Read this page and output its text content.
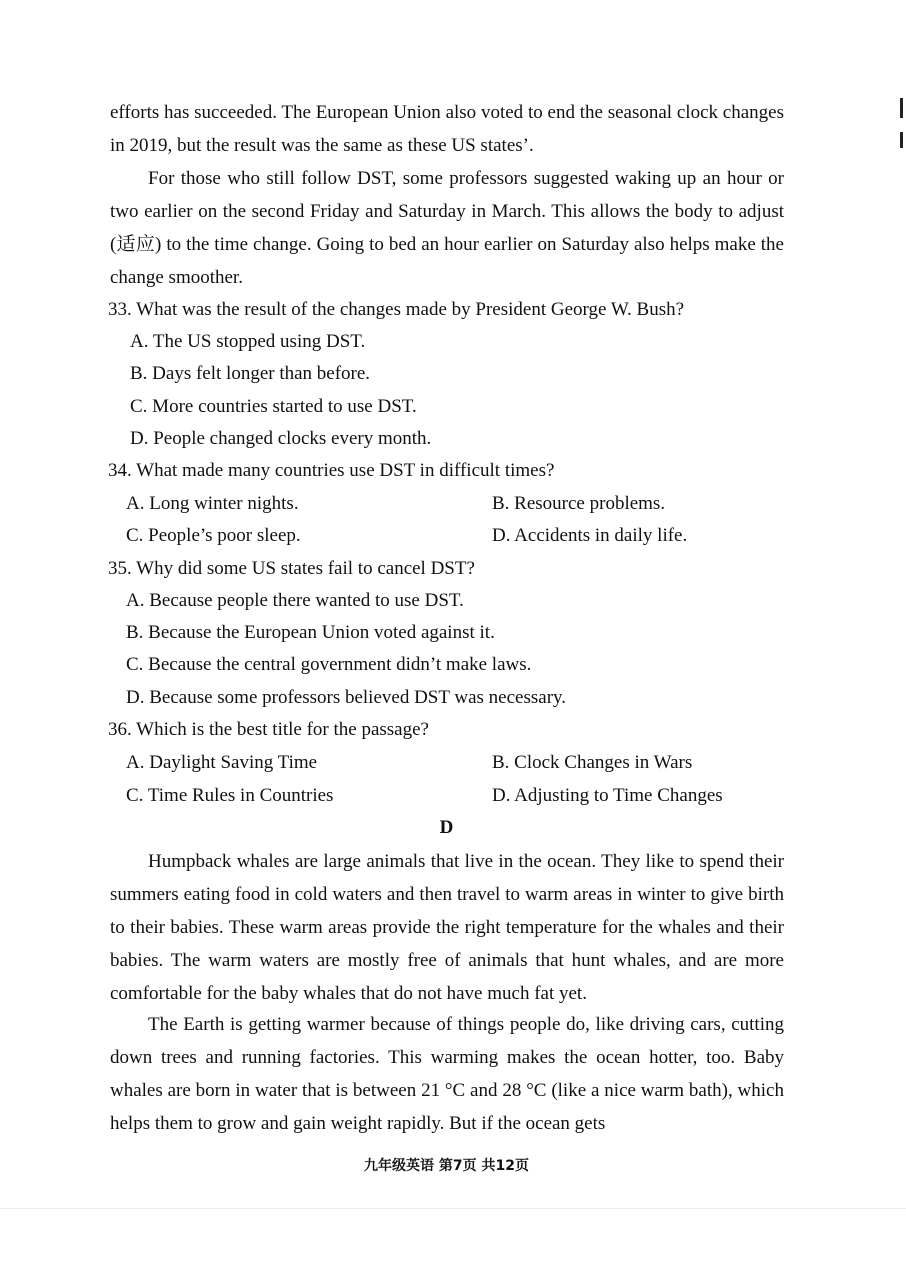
efforts has succeeded. The European Union also voted to end the seasonal clock changes in 2019, but the result was the same as these US states’.

For those who still follow DST, some professors suggested waking up an hour or two earlier on the second Friday and Saturday in March. This allows the body to adjust (适应) to the time change. Going to bed an hour earlier on Saturday also helps make the change smoother.

33. What was the result of the changes made by President George W. Bush?
A. The US stopped using DST.
B. Days felt longer than before.
C. More countries started to use DST.
D. People changed clocks every month.
34. What made many countries use DST in difficult times?
A. Long winter nights.	B. Resource problems.
C. People’s poor sleep.	D. Accidents in daily life.
35. Why did some US states fail to cancel DST?
A. Because people there wanted to use DST.
B. Because the European Union voted against it.
C. Because the central government didn’t make laws.
D. Because some professors believed DST was necessary.
36. Which is the best title for the passage?
A. Daylight Saving Time	B. Clock Changes in Wars
C. Time Rules in Countries	D. Adjusting to Time Changes
D

Humpback whales are large animals that live in the ocean. They like to spend their summers eating food in cold waters and then travel to warm areas in winter to give birth to their babies. These warm areas provide the right temperature for the whales and their babies. The warm waters are mostly free of animals that hunt whales, and are more comfortable for the baby whales that do not have much fat yet.

The Earth is getting warmer because of things people do, like driving cars, cutting down trees and running factories. This warming makes the ocean hotter, too. Baby whales are born in water that is between 21 °C and 28 °C (like a nice warm bath), which helps them to grow and gain weight rapidly. But if the ocean gets

九年级英语 第7页 共12页
